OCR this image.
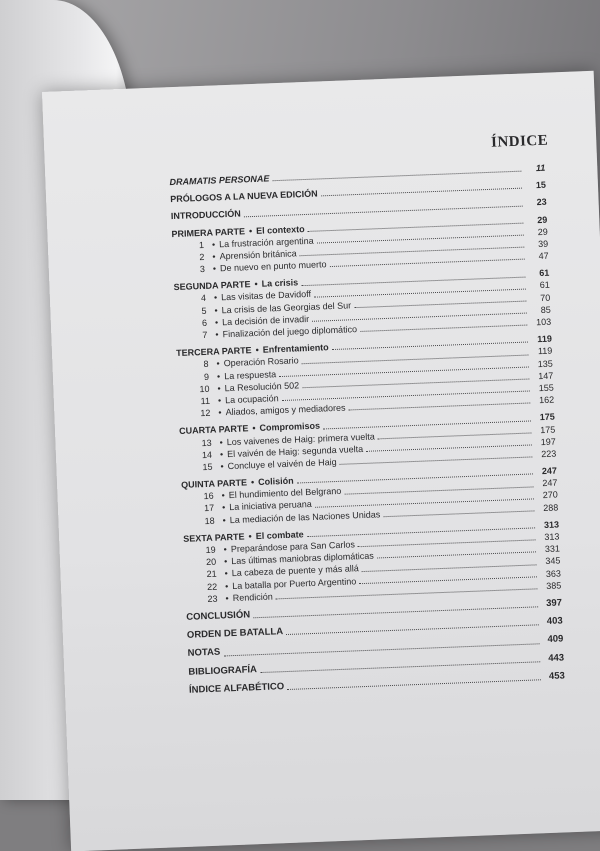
ÍNDICE
DRAMATIS PERSONAE
11
PRÓLOGOS A LA NUEVA EDICIÓN
15
INTRODUCCIÓN
23
PRIMERA PARTE • El contexto
29
1 • La frustración argentina
29
2 • Aprensión británica
39
3 • De nuevo en punto muerto
47
SEGUNDA PARTE • La crisis
61
4 • Las visitas de Davidoff
61
5 • La crisis de las Georgias del Sur
70
6 • La decisión de invadir
85
7 • Finalización del juego diplomático
103
TERCERA PARTE • Enfrentamiento
119
8 • Operación Rosario
119
9 • La respuesta
135
10 • La Resolución 502
147
11 • La ocupación
155
12 • Aliados, amigos y mediadores
162
CUARTA PARTE • Compromisos
175
13 • Los vaivenes de Haig: primera vuelta
175
14 • El vaivén de Haig: segunda vuelta
197
15 • Concluye el vaivén de Haig
223
QUINTA PARTE • Colisión
247
16 • El hundimiento del Belgrano
247
17 • La iniciativa peruana
270
18 • La mediación de las Naciones Unidas
288
SEXTA PARTE • El combate
313
19 • Preparándose para San Carlos
313
20 • Las últimas maniobras diplomáticas
331
21 • La cabeza de puente y más allá
345
22 • La batalla por Puerto Argentino
363
23 • Rendición
385
CONCLUSIÓN
397
ORDEN DE BATALLA
403
NOTAS
409
BIBLIOGRAFÍA
443
ÍNDICE ALFABÉTICO
453
